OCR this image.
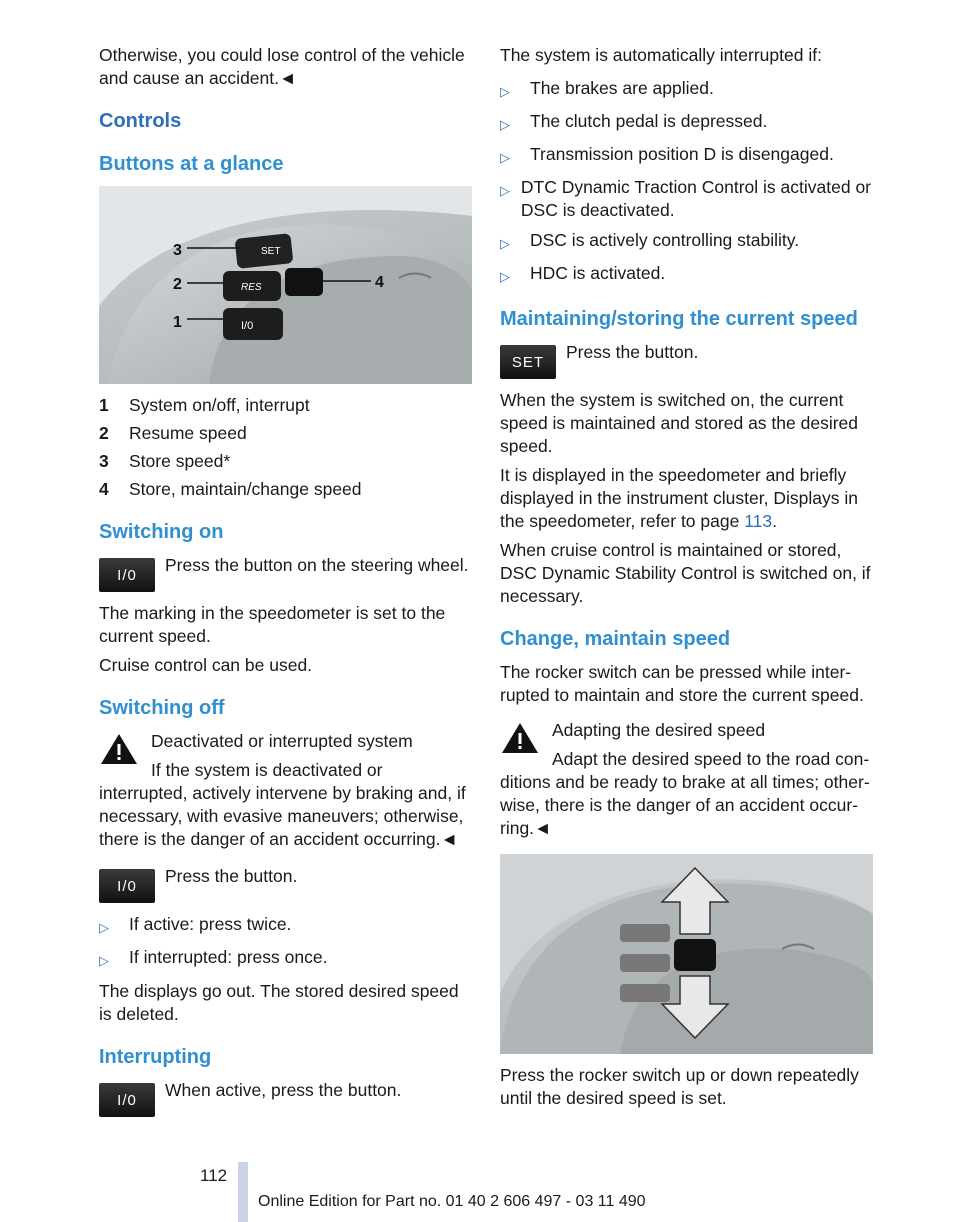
Otherwise, you could lose control of the vehicle and cause an accident.◄

Controls
Buttons at a glance
SET
RES
I/0
3
2
1
4
1	System on/off, interrupt
2	Resume speed
3	Store speed*
4	Store, maintain/change speed
Switching on
I/0	Press the button on the steering wheel.

The marking in the speedometer is set to the current speed.

Cruise control can be used.

Switching off

Deactivated or interrupted system

If the system is deactivated or interrupted, actively intervene by braking and, if necessary, with evasive maneuvers; otherwise, there is the danger of an accident occurring.◄

I/0	Press the button.
▷	If active: press twice.
▷	If interrupted: press once.

The displays go out. The stored desired speed is deleted.

Interrupting
I/0	When active, press the button.

The system is automatically interrupted if:

▷	The brakes are applied.
▷	The clutch pedal is depressed.
▷	Transmission position D is disengaged.
▷ DTC Dynamic Traction Control is activated or DSC is deactivated.
▷	DSC is actively controlling stability.
▷	HDC is activated.
Maintaining/storing the current speed
SET	Press the button.

When the system is switched on, the current speed is maintained and stored as the desired speed.

It is displayed in the speedometer and briefly displayed in the instrument cluster, Displays in the speedometer, refer to page 113.

When cruise control is maintained or stored, DSC Dynamic Stability Control is switched on, if necessary.

Change, maintain speed

The rocker switch can be pressed while inter-rupted to maintain and store the current speed.

Adapting the desired speed

Adapt the desired speed to the road con-ditions and be ready to brake at all times; other-wise, there is the danger of an accident occur-ring.◄

Press the rocker switch up or down repeatedly until the desired speed is set.

112
Online Edition for Part no. 01 40 2 606 497 - 03 11 490
